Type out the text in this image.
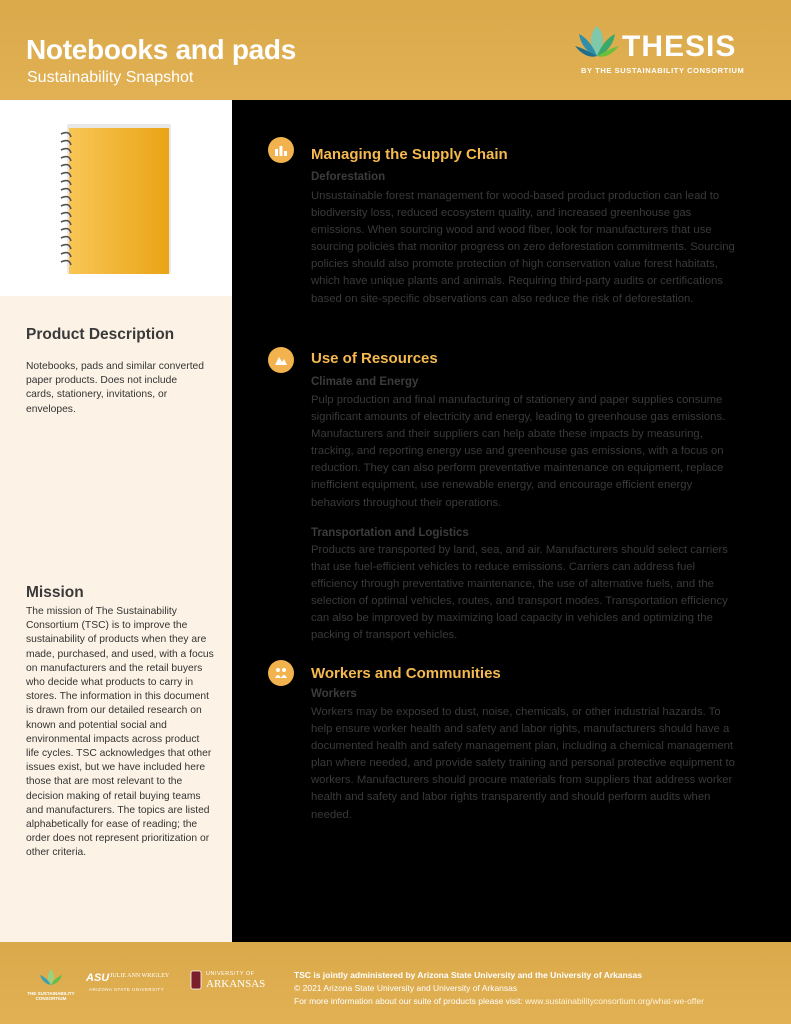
Notebooks and pads
Sustainability Snapshot
THESIS
BY THE SUSTAINABILITY CONSORTIUM
Product Description

Notebooks, pads and similar converted paper products. Does not include cards, stationery, invitations, or envelopes.

Mission

The mission of The Sustainability Consortium (TSC) is to improve the sustainability of products when they are made, purchased, and used, with a focus on manufacturers and the retail buyers who decide what products to carry in stores. The information in this document is drawn from our detailed research on known and potential social and environmental impacts across product life cycles. TSC acknowledges that other issues exist, but we have included here those that are most relevant to the decision making of retail buying teams and manufacturers. The topics are listed alphabetically for ease of reading; the order does not represent prioritization or other criteria.

Managing the Supply Chain
Deforestation

Unsustainable forest management for wood-based product production can lead to biodiversity loss, reduced ecosystem quality, and increased greenhouse gas emissions. When sourcing wood and wood fiber, look for manufacturers that use sourcing policies that monitor progress on zero deforestation commitments. Sourcing policies should also promote protection of high conservation value forest habitats, which have unique plants and animals. Requiring third-party audits or certifications based on site-specific observations can also reduce the risk of deforestation.

Use of Resources
Climate and Energy

Pulp production and final manufacturing of stationery and paper supplies consume significant amounts of electricity and energy, leading to greenhouse gas emissions. Manufacturers and their suppliers can help abate these impacts by measuring, tracking, and reporting energy use and greenhouse gas emissions, with a focus on reduction. They can also perform preventative maintenance on equipment, replace inefficient equipment, use renewable energy, and encourage efficient energy behaviors throughout their operations.

Transportation and Logistics

Products are transported by land, sea, and air. Manufacturers should select carriers that use fuel-efficient vehicles to reduce emissions. Carriers can address fuel efficiency through preventative maintenance, the use of alternative fuels, and the selection of optimal vehicles, routes, and transport modes. Transportation efficiency can also be improved by maximizing load capacity in vehicles and optimizing the packing of transport vehicles.

Workers and Communities
Workers

Workers may be exposed to dust, noise, chemicals, or other industrial hazards. To help ensure worker health and safety and labor rights, manufacturers should have a documented health and safety management plan, including a chemical management plan where needed, and provide safety training and personal protective equipment to workers. Manufacturers should procure materials from suppliers that address worker health and safety and labor rights transparently and should perform audits when needed.

THE SUSTAINABILITY CONSORTIUM
ASU JULIE ANN WRIGLEY
ARIZONA STATE UNIVERSITY
UNIVERSITY OF
ARKANSAS
TSC is jointly administered by Arizona State University and the University of Arkansas
© 2021 Arizona State University and University of Arkansas
For more information about our suite of products please visit: www.sustainabilityconsortium.org/what-we-offer
